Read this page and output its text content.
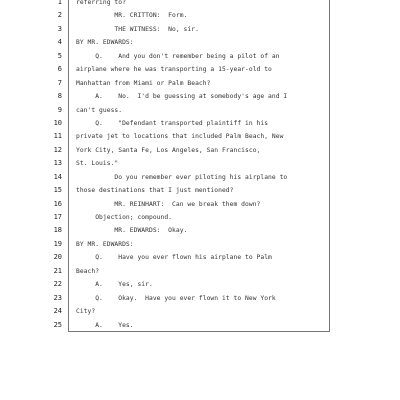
1
2
3
4
5
6
7
8
9
10
11
12
13
14
15
16
17
18
19
20
21
22
23
24
25
referring to?
MR. CRITTON:  Form.
THE WITNESS:  No, sir.
BY MR. EDWARDS:
Q.    And you don't remember being a pilot of an
airplane where he was transporting a 15-year-old to
Manhattan from Miami or Palm Beach?
A.    No.  I'd be guessing at somebody's age and I
can't guess.
Q.    "Defendant transported plaintiff in his
private jet to locations that included Palm Beach, New
York City, Santa Fe, Los Angeles, San Francisco,
St. Louis."
Do you remember ever piloting his airplane to
those destinations that I just mentioned?
MR. REINHART:  Can we break them down?
Objection; compound.
MR. EDWARDS:  Okay.
BY MR. EDWARDS:
Q.    Have you ever flown his airplane to Palm
Beach?
A.    Yes, sir.
Q.    Okay.  Have you ever flown it to New York
City?
A.    Yes.
